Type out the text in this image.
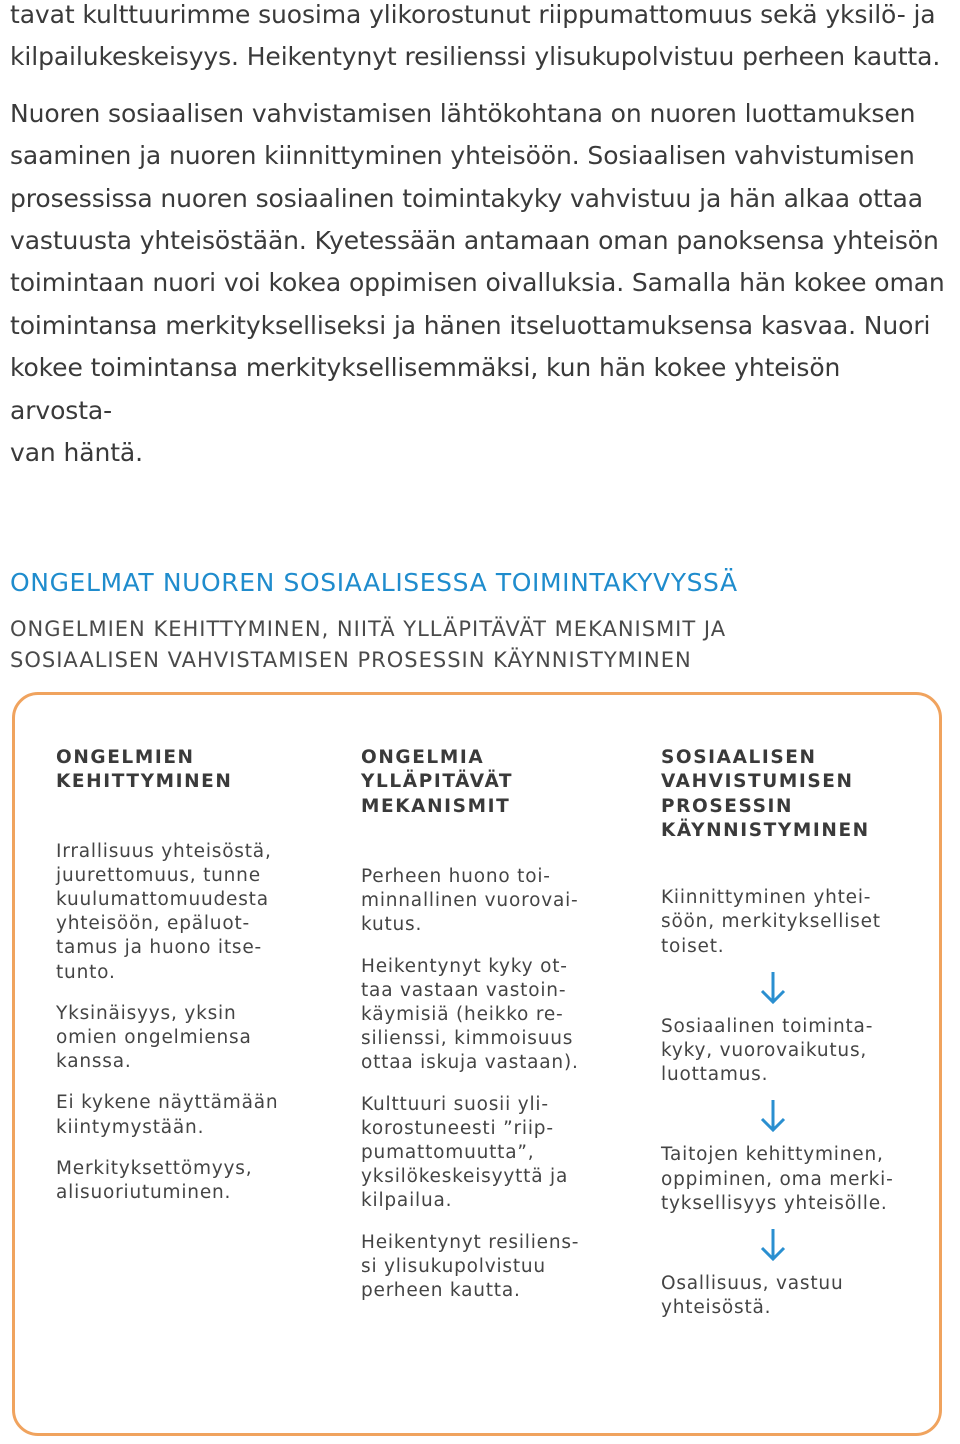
tavat kulttuurimme suosima ylikorostunut riippumattomuus sekä yksilö- ja
kilpailukeskeisyys. Heikentynyt resilienssi ylisukupolvistuu perheen kautta.

Nuoren sosiaalisen vahvistamisen lähtökohtana on nuoren luottamuksen
saaminen ja nuoren kiinnittyminen yhteisöön. Sosiaalisen vahvistumisen
prosessissa nuoren sosiaalinen toimintakyky vahvistuu ja hän alkaa ottaa
vastuusta yhteisöstään. Kyetessään antamaan oman panoksensa yhteisön
toimintaan nuori voi kokea oppimisen oivalluksia. Samalla hän kokee oman
toimintansa merkitykselliseksi ja hänen itseluottamuksensa kasvaa. Nuori
kokee toimintansa merkityksellisemmäksi, kun hän kokee yhteisön arvosta-
van häntä.

ONGELMAT NUOREN SOSIAALISESSA TOIMINTAKYVYSSÄ
ONGELMIEN KEHITTYMINEN, NIITÄ YLLÄPITÄVÄT MEKANISMIT JA
SOSIAALISEN VAHVISTAMISEN PROSESSIN KÄYNNISTYMINEN

ONGELMIEN
KEHITTYMINEN

Irrallisuus yhteisöstä,
juurettomuus, tunne
kuulumattomuudesta
yhteisöön, epäluot-
tamus ja huono itse-
tunto.

Yksinäisyys, yksin
omien ongelmiensa
kanssa.

Ei kykene näyttämään
kiintymystään.

Merkityksettömyys,
alisuoriutuminen.

ONGELMIA
YLLÄPITÄVÄT
MEKANISMIT

Perheen huono toi-
minnallinen vuorovai-
kutus.

Heikentynyt kyky ot-
taa vastaan vastoin-
käymisiä (heikko re-
silienssi, kimmoisuus
ottaa iskuja vastaan).

Kulttuuri suosii yli-
korostuneesti ”riip-
pumattomuutta”,
yksilökeskeisyyttä ja
kilpailua.

Heikentynyt resiliens-
si ylisukupolvistuu
perheen kautta.

SOSIAALISEN
VAHVISTUMISEN
PROSESSIN
KÄYNNISTYMINEN

Kiinnittyminen yhtei-
söön, merkitykselliset
toiset.

Sosiaalinen toiminta-
kyky, vuorovaikutus,
luottamus.

Taitojen kehittyminen,
oppiminen, oma merki-
tyksellisyys yhteisölle.

Osallisuus, vastuu
yhteisöstä.
